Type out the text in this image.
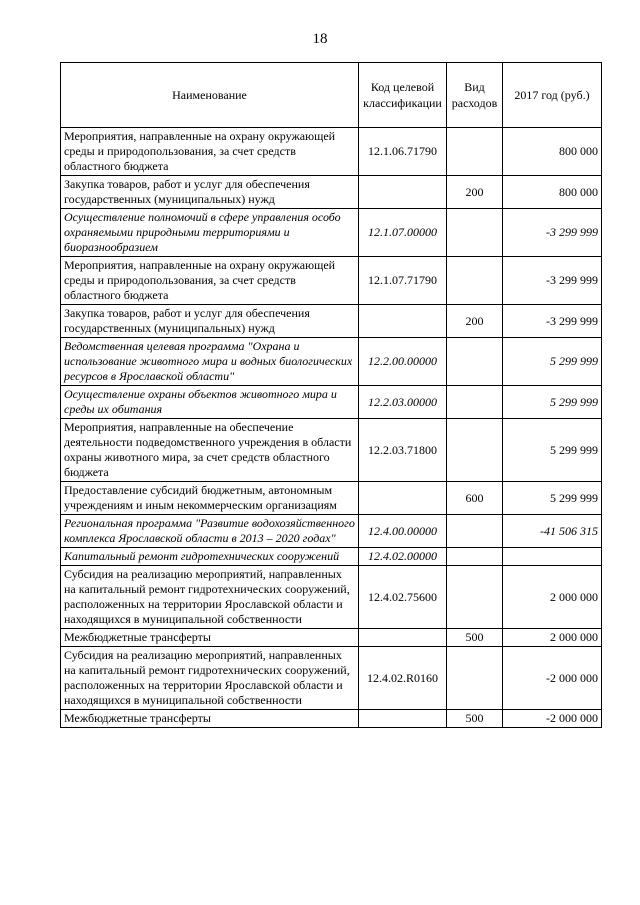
18
Наименование	Код целевой классификации	Вид расходов	2017 год (руб.)
Мероприятия, направленные на охрану окружающей среды и природопользования, за счет средств областного бюджета	12.1.06.71790		800 000
Закупка товаров, работ и услуг для обеспечения государственных (муниципальных) нужд		200	800 000
Осуществление полномочий в сфере управления особо охраняемыми природными территориями и биоразнообразием	12.1.07.00000		-3 299 999
Мероприятия, направленные на охрану окружающей среды и природопользования, за счет средств областного бюджета	12.1.07.71790		-3 299 999
Закупка товаров, работ и услуг для обеспечения государственных (муниципальных) нужд		200	-3 299 999
Ведомственная целевая программа "Охрана и использование животного мира и водных биологических ресурсов в Ярославской области"	12.2.00.00000		5 299 999
Осуществление охраны объектов животного мира и среды их обитания	12.2.03.00000		5 299 999
Мероприятия, направленные на обеспечение деятельности подведомственного учреждения в области охраны животного мира, за счет средств областного бюджета	12.2.03.71800		5 299 999
Предоставление субсидий бюджетным, автономным учреждениям и иным некоммерческим организациям		600	5 299 999
Региональная программа "Развитие водохозяйственного комплекса Ярославской области в 2013 – 2020 годах"	12.4.00.00000		-41 506 315
Капитальный ремонт гидротехнических сооружений	12.4.02.00000		
Субсидия на реализацию мероприятий, направленных на капитальный ремонт гидротехнических сооружений, расположенных на территории Ярославской области и находящихся в муниципальной собственности	12.4.02.75600		2 000 000
Межбюджетные трансферты		500	2 000 000
Субсидия на реализацию мероприятий, направленных на капитальный ремонт гидротехнических сооружений, расположенных на территории Ярославской области и находящихся в муниципальной собственности	12.4.02.R0160		-2 000 000
Межбюджетные трансферты		500	-2 000 000
